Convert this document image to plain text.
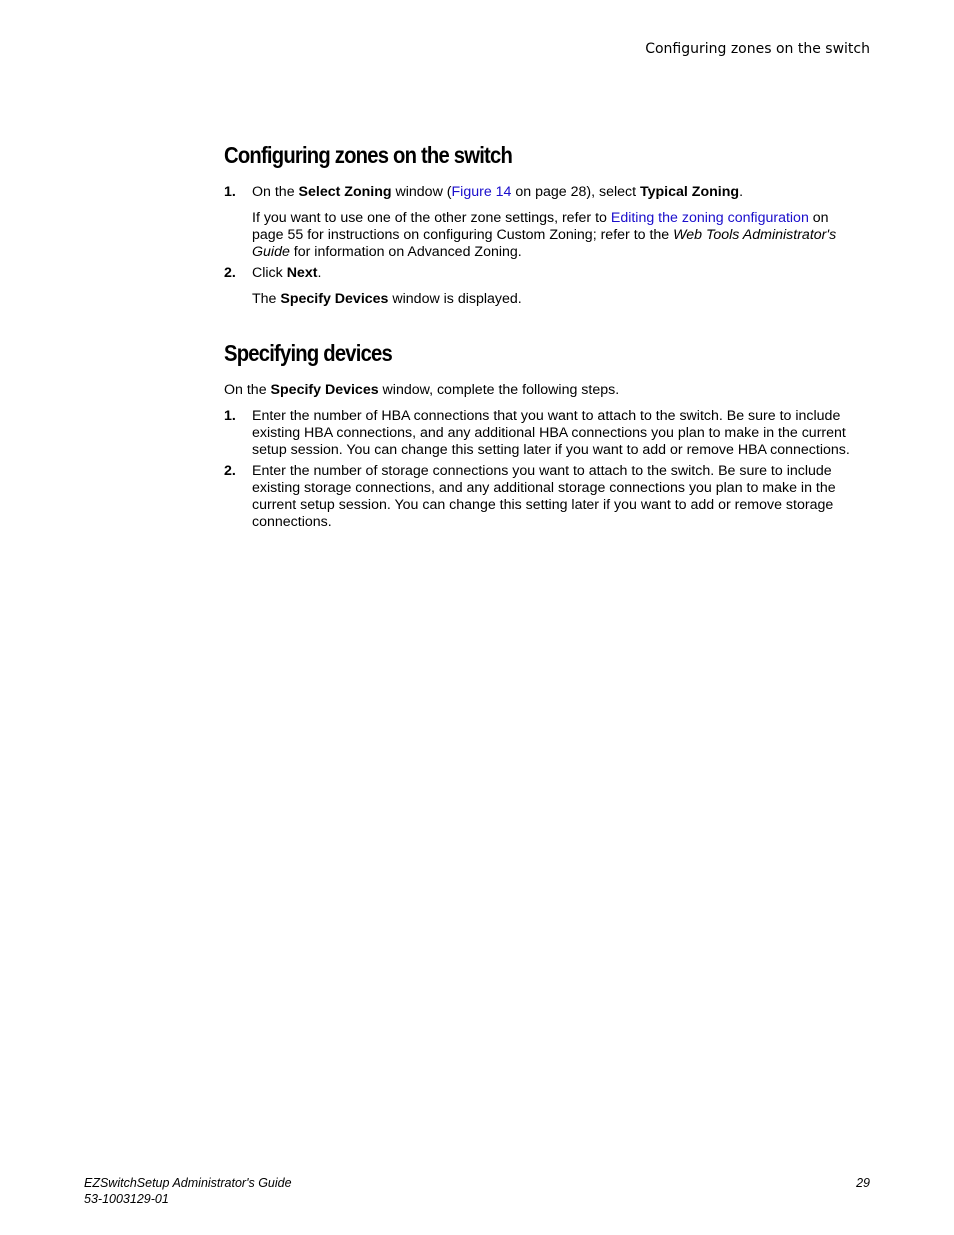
Configuring zones on the switch
Configuring zones on the switch
1. On the Select Zoning window (Figure 14 on page 28), select Typical Zoning.

If you want to use one of the other zone settings, refer to Editing the zoning configuration on page 55 for instructions on configuring Custom Zoning; refer to the Web Tools Administrator's Guide for information on Advanced Zoning.

2. Click Next.

The Specify Devices window is displayed.

Specifying devices

On the Specify Devices window, complete the following steps.

1. Enter the number of HBA connections that you want to attach to the switch. Be sure to include existing HBA connections, and any additional HBA connections you plan to make in the current setup session. You can change this setting later if you want to add or remove HBA connections.
2. Enter the number of storage connections you want to attach to the switch. Be sure to include existing storage connections, and any additional storage connections you plan to make in the current setup session. You can change this setting later if you want to add or remove storage connections.
EZSwitchSetup Administrator's Guide
53-1003129-01
29
